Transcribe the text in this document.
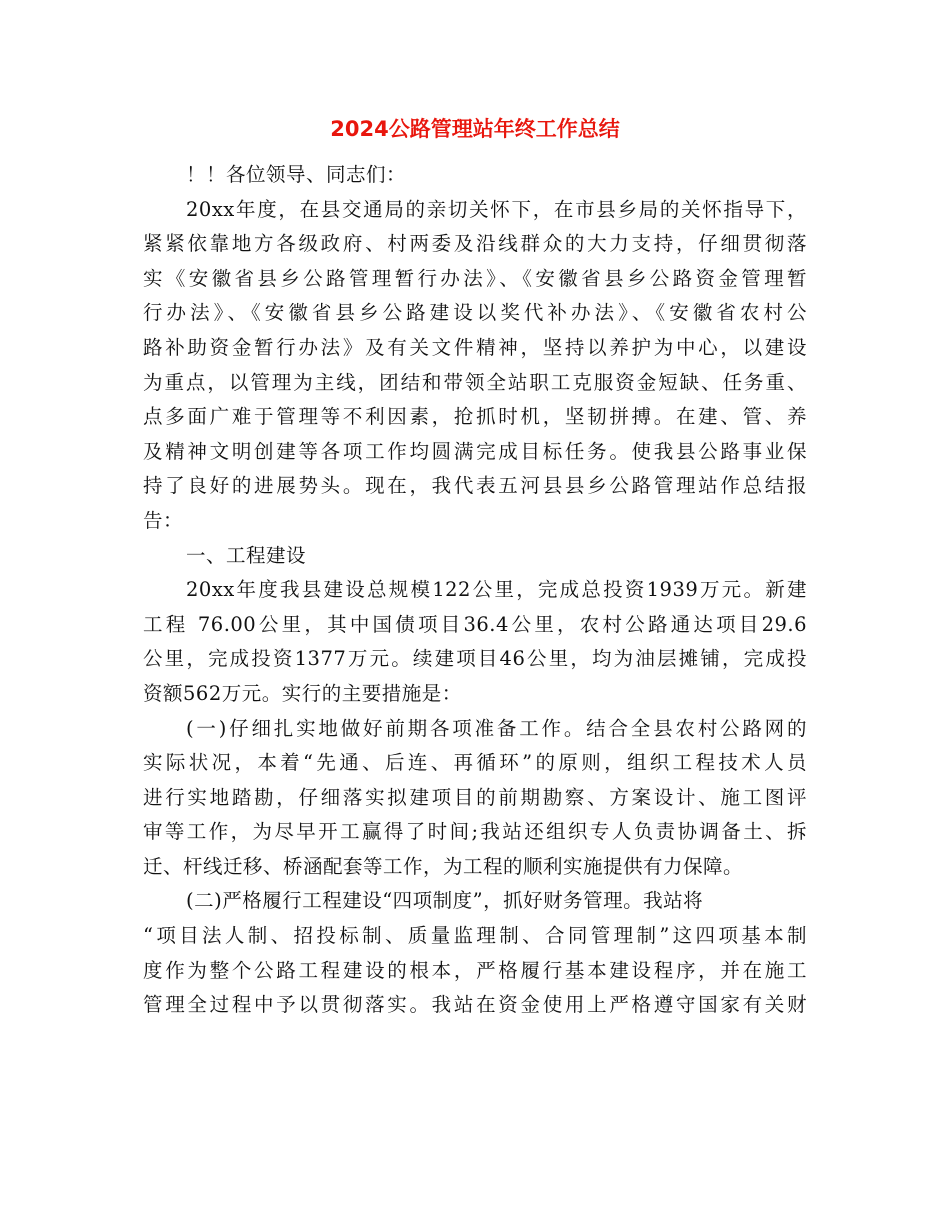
2024公路管理站年终工作总结
！！各位领导、同志们：
20xx年度，在县交通局的亲切关怀下，在市县乡局的关怀指导下，
紧紧依靠地方各级政府、村两委及沿线群众的大力支持，仔细贯彻落
实《安徽省县乡公路管理暂行办法》、《安徽省县乡公路资金管理暂
行办法》、《安徽省县乡公路建设以奖代补办法》、《安徽省农村公
路补助资金暂行办法》及有关文件精神，坚持以养护为中心，以建设
为重点，以管理为主线，团结和带领全站职工克服资金短缺、任务重、
点多面广难于管理等不利因素，抢抓时机，坚韧拼搏。在建、管、养
及精神文明创建等各项工作均圆满完成目标任务。使我县公路事业保
持了良好的进展势头。现在，我代表五河县县乡公路管理站作总结报
告：
一、工程建设
20xx年度我县建设总规模122公里，完成总投资1939万元。新建
工程 76.00公里，其中国债项目36.4公里，农村公路通达项目29.6
公里，完成投资1377万元。续建项目46公里，均为油层摊铺，完成投
资额562万元。实行的主要措施是：
(一)仔细扎实地做好前期各项准备工作。结合全县农村公路网的
实际状况，本着“先通、后连、再循环”的原则，组织工程技术人员
进行实地踏勘，仔细落实拟建项目的前期勘察、方案设计、施工图评
审等工作，为尽早开工赢得了时间;我站还组织专人负责协调备土、拆
迁、杆线迁移、桥涵配套等工作，为工程的顺利实施提供有力保障。
(二)严格履行工程建设“四项制度”，抓好财务管理。我站将
“项目法人制、招投标制、质量监理制、合同管理制”这四项基本制
度作为整个公路工程建设的根本，严格履行基本建设程序，并在施工
管理全过程中予以贯彻落实。我站在资金使用上严格遵守国家有关财
